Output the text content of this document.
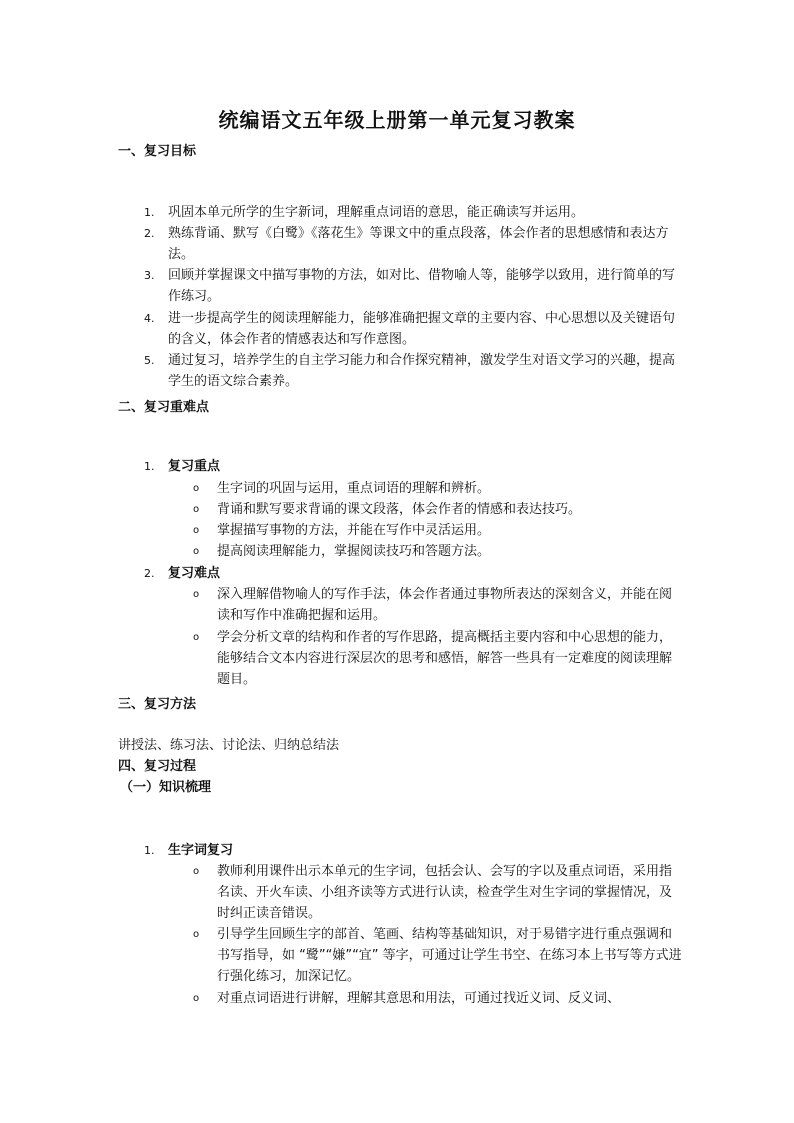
统编语文五年级上册第一单元复习教案
一、复习目标
1. 巩固本单元所学的生字新词，理解重点词语的意思，能正确读写并运用。
2. 熟练背诵、默写《白鹭》《落花生》等课文中的重点段落，体会作者的思想感情和表达方法。
3. 回顾并掌握课文中描写事物的方法，如对比、借物喻人等，能够学以致用，进行简单的写作练习。
4. 进一步提高学生的阅读理解能力，能够准确把握文章的主要内容、中心思想以及关键语句的含义，体会作者的情感表达和写作意图。
5. 通过复习，培养学生的自主学习能力和合作探究精神，激发学生对语文学习的兴趣，提高学生的语文综合素养。
二、复习重难点
1. 复习重点
o 生字词的巩固与运用，重点词语的理解和辨析。
o 背诵和默写要求背诵的课文段落，体会作者的情感和表达技巧。
o 掌握描写事物的方法，并能在写作中灵活运用。
o 提高阅读理解能力，掌握阅读技巧和答题方法。
2. 复习难点
o 深入理解借物喻人的写作手法，体会作者通过事物所表达的深刻含义，并能在阅读和写作中准确把握和运用。
o 学会分析文章的结构和作者的写作思路，提高概括主要内容和中心思想的能力，能够结合文本内容进行深层次的思考和感悟，解答一些具有一定难度的阅读理解题目。
三、复习方法
讲授法、练习法、讨论法、归纳总结法
四、复习过程
（一）知识梳理
1. 生字词复习
o 教师利用课件出示本单元的生字词，包括会认、会写的字以及重点词语，采用指名读、开火车读、小组齐读等方式进行认读，检查学生对生字词的掌握情况，及时纠正读音错误。
o 引导学生回顾生字的部首、笔画、结构等基础知识，对于易错字进行重点强调和书写指导，如 “鹭”“嫌”“宜” 等字，可通过让学生书空、在练习本上书写等方式进行强化练习，加深记忆。
o 对重点词语进行讲解，理解其意思和用法，可通过找近义词、反义词、
